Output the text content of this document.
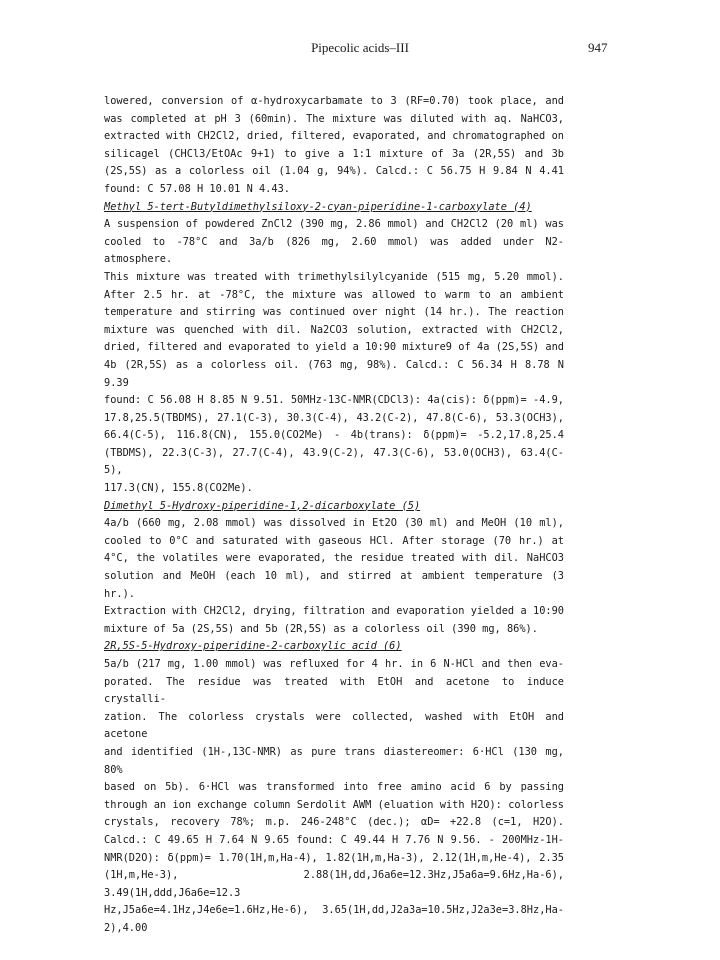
Pipecolic acids–III	947
lowered, conversion of α-hydroxycarbamate to 3 (RF=0.70) took place, and
was completed at pH 3 (60min). The mixture was diluted with aq. NaHCO3,
extracted with CH2Cl2, dried, filtered, evaporated, and chromatographed on
silicagel (CHCl3/EtOAc 9+1) to give a 1:1 mixture of 3a (2R,5S) and 3b
(2S,5S) as a colorless oil (1.04 g, 94%). Calcd.: C 56.75 H 9.84 N 4.41
found: C 57.08 H 10.01 N 4.43.
Methyl 5-tert-Butyldimethylsiloxy-2-cyan-piperidine-1-carboxylate (4)
A suspension of powdered ZnCl2 (390 mg, 2.86 mmol) and CH2Cl2 (20 ml) was
cooled to -78°C and 3a/b (826 mg, 2.60 mmol) was added under N2-atmosphere.
This mixture was treated with trimethylsilylcyanide (515 mg, 5.20 mmol).
After 2.5 hr. at -78°C, the mixture was allowed to warm to an ambient
temperature and stirring was continued over night (14 hr.). The reaction
mixture was quenched with dil. Na2CO3 solution, extracted with CH2Cl2,
dried, filtered and evaporated to yield a 10:90 mixture9 of 4a (2S,5S) and
4b (2R,5S) as a colorless oil. (763 mg, 98%). Calcd.: C 56.34 H 8.78 N 9.39
found: C 56.08 H 8.85 N 9.51. 50MHz-13C-NMR(CDCl3): 4a(cis): δ(ppm)= -4.9,
17.8,25.5(TBDMS), 27.1(C-3), 30.3(C-4), 43.2(C-2), 47.8(C-6), 53.3(OCH3),
66.4(C-5), 116.8(CN), 155.0(CO2Me) - 4b(trans): δ(ppm)= -5.2,17.8,25.4
(TBDMS), 22.3(C-3), 27.7(C-4), 43.9(C-2), 47.3(C-6), 53.0(OCH3), 63.4(C-5),
117.3(CN), 155.8(CO2Me).
Dimethyl 5-Hydroxy-piperidine-1,2-dicarboxylate (5)
4a/b (660 mg, 2.08 mmol) was dissolved in Et2O (30 ml) and MeOH (10 ml),
cooled to 0°C and saturated with gaseous HCl. After storage (70 hr.) at
4°C, the volatiles were evaporated, the residue treated with dil. NaHCO3
solution and MeOH (each 10 ml), and stirred at ambient temperature (3 hr.).
Extraction with CH2Cl2, drying, filtration and evaporation yielded a 10:90
mixture of 5a (2S,5S) and 5b (2R,5S) as a colorless oil (390 mg, 86%).
2R,5S-5-Hydroxy-piperidine-2-carboxylic acid (6)
5a/b (217 mg, 1.00 mmol) was refluxed for 4 hr. in 6 N-HCl and then eva-
porated. The residue was treated with EtOH and acetone to induce crystalli-
zation. The colorless crystals were collected, washed with EtOH and acetone
and identified (1H-,13C-NMR) as pure trans diastereomer: 6·HCl (130 mg, 80%
based on 5b). 6·HCl was transformed into free amino acid 6 by passing
through an ion exchange column Serdolit AWM (eluation with H2O): colorless
crystals, recovery 78%; m.p. 246-248°C (dec.); αD= +22.8 (c=1, H2O).
Calcd.: C 49.65 H 7.64 N 9.65 found: C 49.44 H 7.76 N 9.56. - 200MHz-1H-
NMR(D2O): δ(ppm)= 1.70(1H,m,Ha-4), 1.82(1H,m,Ha-3), 2.12(1H,m,He-4), 2.35
(1H,m,He-3), 2.88(1H,dd,J6a6e=12.3Hz,J5a6a=9.6Hz,Ha-6), 3.49(1H,ddd,J6a6e=12.3
Hz,J5a6e=4.1Hz,J4e6e=1.6Hz,He-6), 3.65(1H,dd,J2a3a=10.5Hz,J2a3e=3.8Hz,Ha-2),4.00
